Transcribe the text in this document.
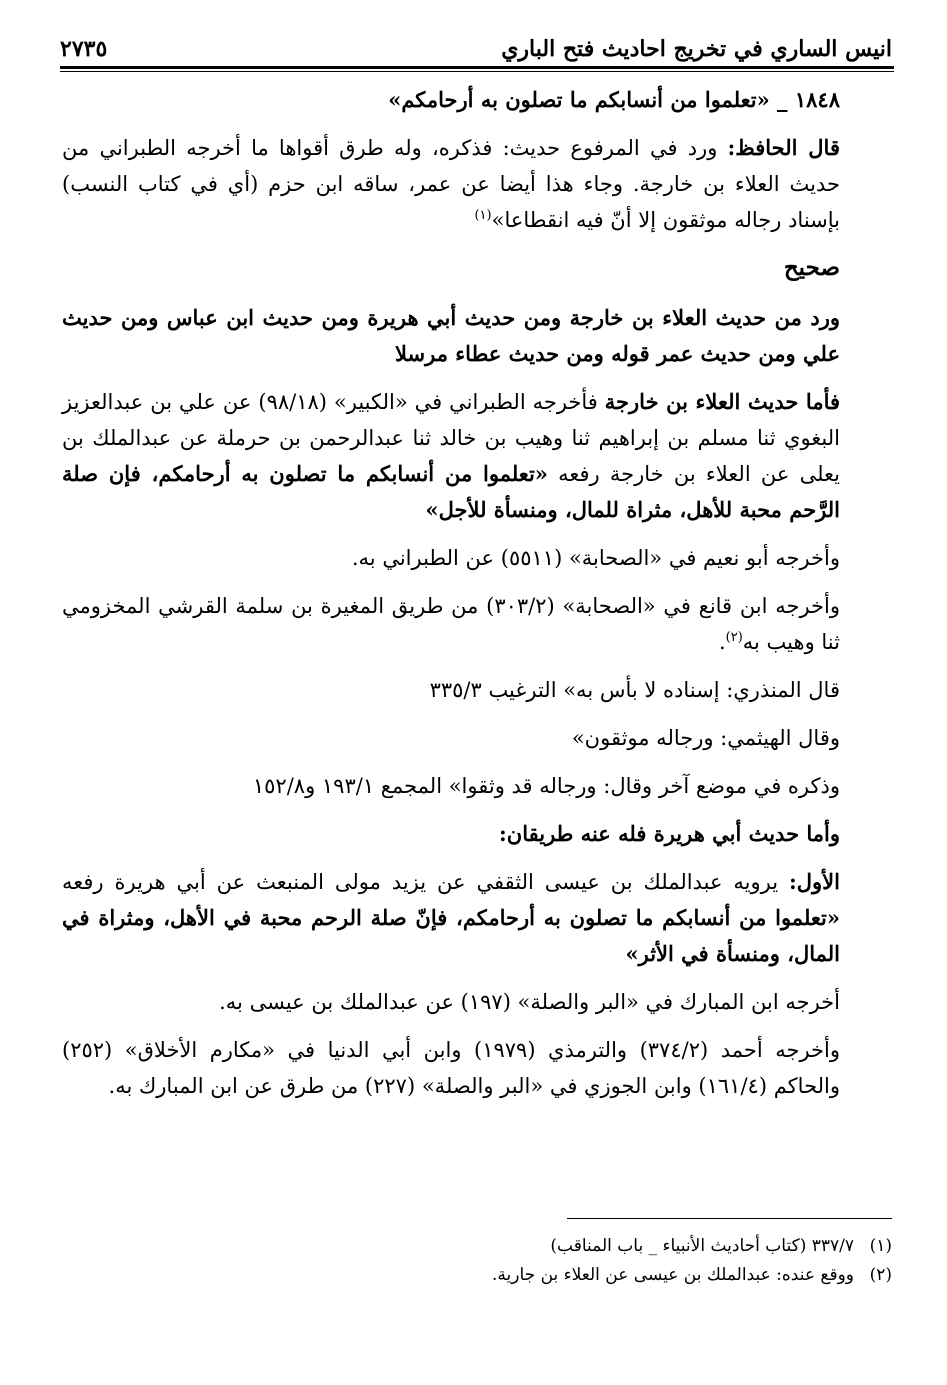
انيس الساري في تخريج احاديث فتح الباري
٢٧٣٥

١٨٤٨ _ «تعلموا من أنسابكم ما تصلون به أرحامكم»

قال الحافظ: ورد في المرفوع حديث: فذكره، وله طرق أقواها ما أخرجه الطبراني من حديث العلاء بن خارجة. وجاء هذا أيضا عن عمر، ساقه ابن حزم (أي في كتاب النسب) بإسناد رجاله موثقون إلا أنّ فيه انقطاعا»$^{(١)}$

صحيح

ورد من حديث العلاء بن خارجة ومن حديث أبي هريرة ومن حديث ابن عباس ومن حديث علي ومن حديث عمر قوله ومن حديث عطاء مرسلا

فأما حديث العلاء بن خارجة فأخرجه الطبراني في «الكبير» (٩٨/١٨) عن علي بن عبدالعزيز البغوي ثنا مسلم بن إبراهيم ثنا وهيب بن خالد ثنا عبدالرحمن بن حرملة عن عبدالملك بن يعلى عن العلاء بن خارجة رفعه «تعلموا من أنسابكم ما تصلون به أرحامكم، فإن صلة الرَّحم محبة للأهل، مثراة للمال، ومنسأة للأجل»

وأخرجه أبو نعيم في «الصحابة» (٥٥١١) عن الطبراني به.

وأخرجه ابن قانع في «الصحابة» (٣٠٣/٢) من طريق المغيرة بن سلمة القرشي المخزومي ثنا وهيب به$^{(٢)}$.

قال المنذري: إسناده لا بأس به» الترغيب ٣٣٥/٣

وقال الهيثمي: ورجاله موثقون»

وذكره في موضع آخر وقال: ورجاله قد وثقوا» المجمع ١٩٣/١ و١٥٢/٨

وأما حديث أبي هريرة فله عنه طريقان:

الأول: يرويه عبدالملك بن عيسى الثقفي عن يزيد مولى المنبعث عن أبي هريرة رفعه «تعلموا من أنسابكم ما تصلون به أرحامكم، فإنّ صلة الرحم محبة في الأهل، ومثراة في المال، ومنسأة في الأثر»

أخرجه ابن المبارك في «البر والصلة» (١٩٧) عن عبدالملك بن عيسى به.

وأخرجه أحمد (٣٧٤/٢) والترمذي (١٩٧٩) وابن أبي الدنيا في «مكارم الأخلاق» (٢٥٢) والحاكم (١٦١/٤) وابن الجوزي في «البر والصلة» (٢٢٧) من طرق عن ابن المبارك به.

(١)٣٣٧/٧ (كتاب أحاديث الأنبياء _ باب المناقب)

(٢)ووقع عنده: عبدالملك بن عيسى عن العلاء بن جارية.
